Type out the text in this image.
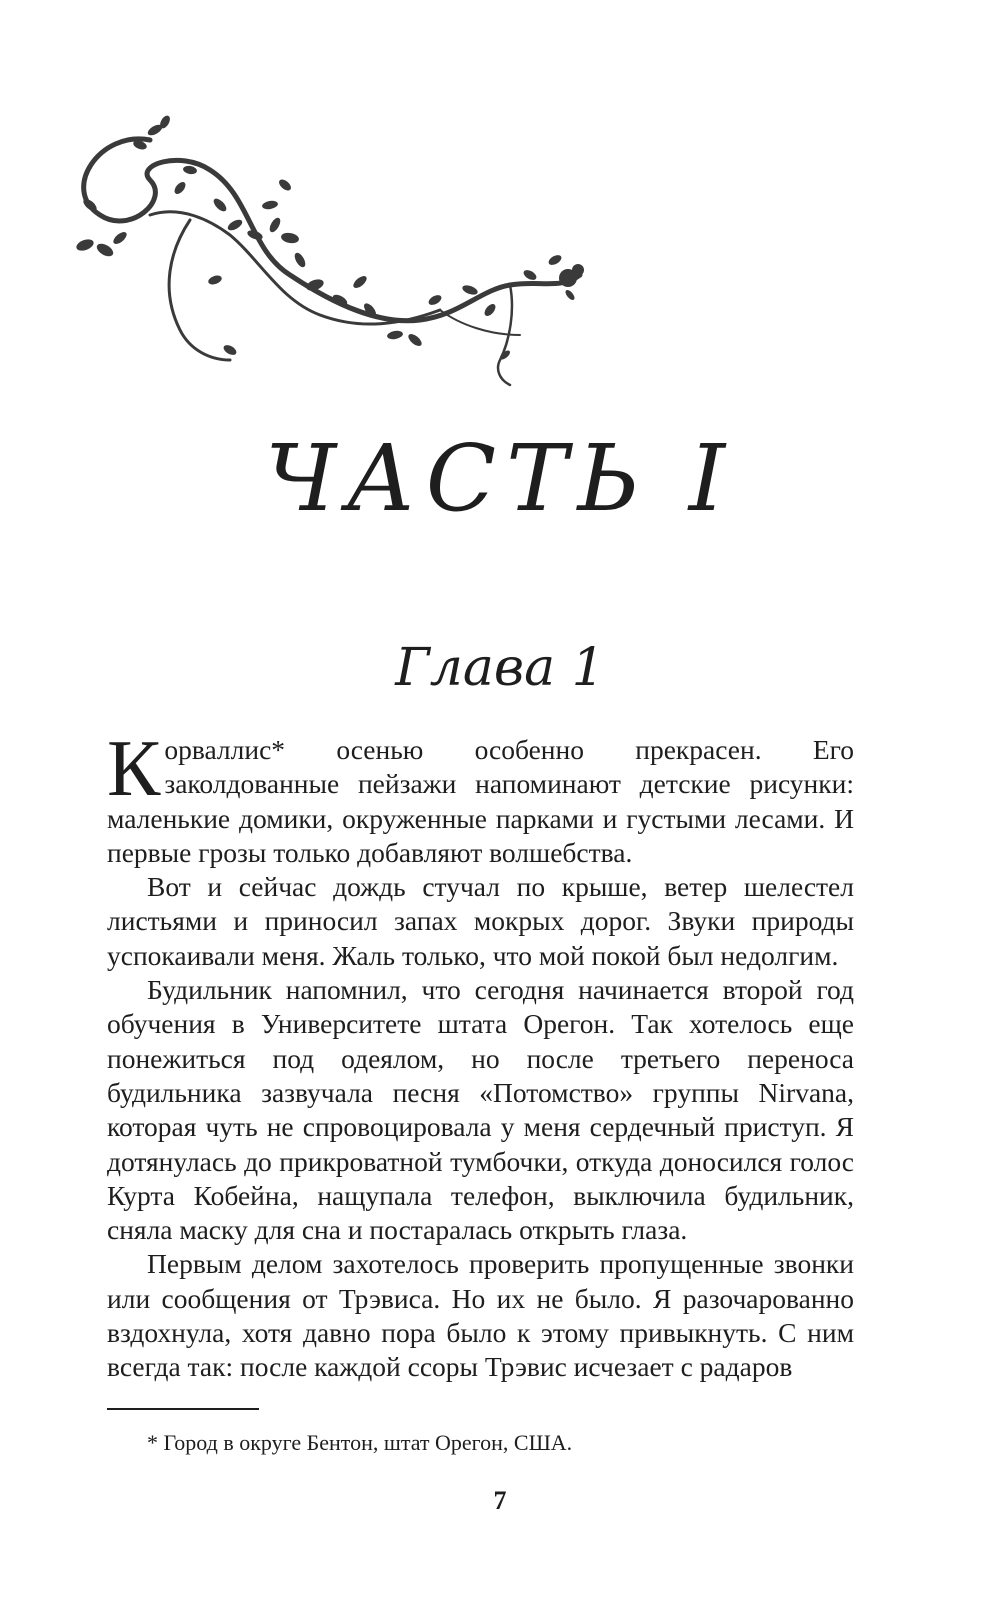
ЧАСТЬ I
Глава 1

Корваллис* осенью особенно прекрасен. Его заколдованные пейзажи напоминают детские рисунки: маленькие домики, окруженные парками и густыми лесами. И первые грозы только добавляют волшебства.

Вот и сейчас дождь стучал по крыше, ветер шелестел листьями и приносил запах мокрых дорог. Звуки природы успокаивали меня. Жаль только, что мой покой был недолгим.

Будильник напомнил, что сегодня начинается второй год обучения в Университете штата Орегон. Так хотелось еще понежиться под одеялом, но после третьего переноса будильника зазвучала песня «Потомство» группы Nirvana, которая чуть не спровоцировала у меня сердечный приступ. Я дотянулась до прикроватной тумбочки, откуда доносился голос Курта Кобейна, нащупала телефон, выключила будильник, сняла маску для сна и постаралась открыть глаза.

Первым делом захотелось проверить пропущенные звонки или сообщения от Трэвиса. Но их не было. Я разочарованно вздохнула, хотя давно пора было к этому привыкнуть. С ним всегда так: после каждой ссоры Трэвис исчезает с радаров

* Город в округе Бентон, штат Орегон, США.
7
